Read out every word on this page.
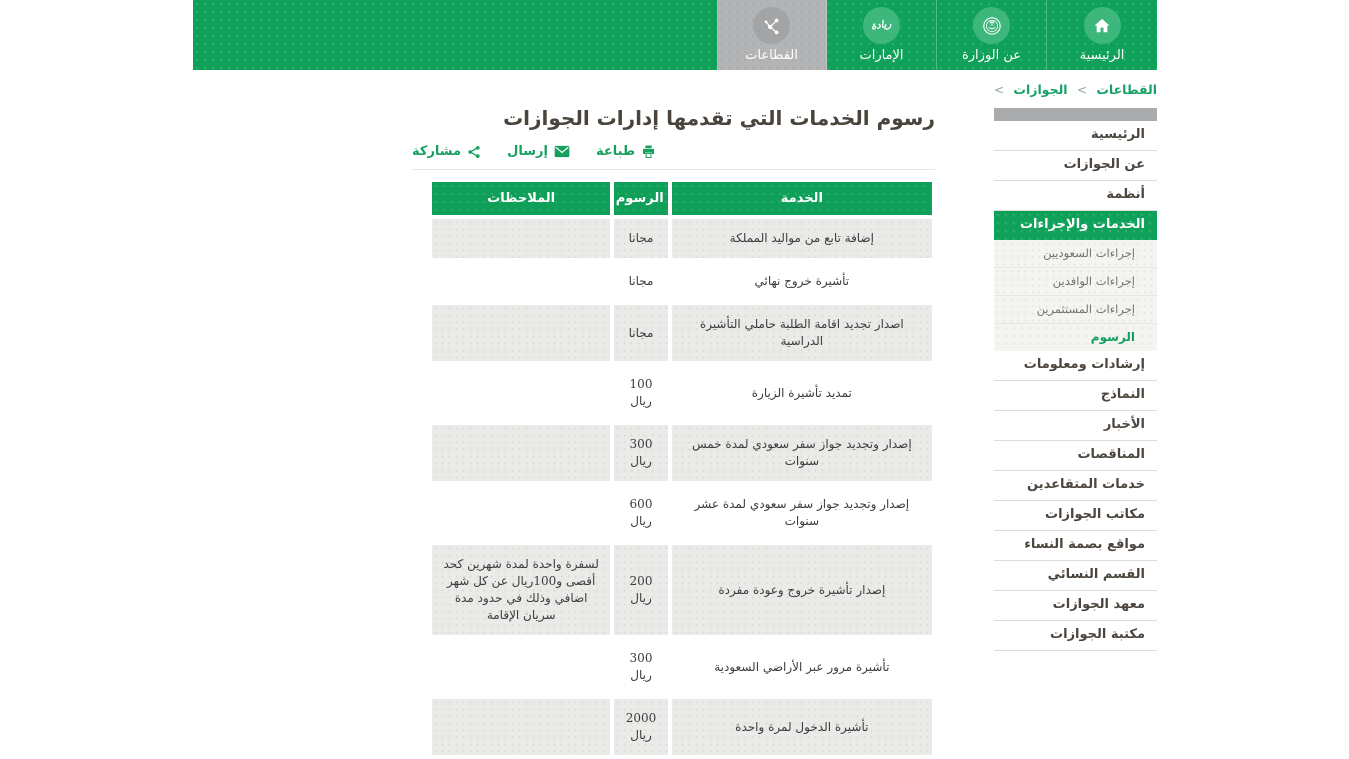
الرئيسية
عن الوزارة
ريادة
الإمارات
القطاعات
القطاعات < الجوازات <
الرئيسية
عن الجوازات
أنظمة
الخدمات والإجراءات
إجراءات السعوديين
إجراءات الوافدين
إجراءات المستثمرين
الرسوم
إرشادات ومعلومات
النماذج
الأخبار
المناقصات
خدمات المتقاعدين
مكاتب الجوازات
مواقع بصمة النساء
القسم النسائي
معهد الجوازات
مكتبة الجوازات
رسوم الخدمات التي تقدمها إدارات الجوازات
طباعة
إرسال
مشاركة
الخدمة	الرسوم	الملاحظات
إضافة تابع من مواليد المملكة	مجانا	
تأشيرة خروج نهائي	مجانا	
اصدار تجديد اقامة الطلبة حاملي التأشيرة الدراسية	مجانا	
تمديد تأشيرة الزيارة	100 ريال	
إصدار وتجديد جواز سفر سعودي لمدة خمس سنوات	300 ريال	
إصدار وتجديد جواز سفر سعودي لمدة عشر سنوات	600 ريال	
إصدار تأشيرة خروج وعودة مفردة	200 ريال	لسفرة واحدة لمدة شهرين كحد أقصى و100ريال عن كل شهر اضافي وذلك في حدود مدة سريان الإقامة
تأشيرة مرور عبر الأراضي السعودية	300 ريال	
تأشيرة الدخول لمرة واحدة	2000 ريال	
